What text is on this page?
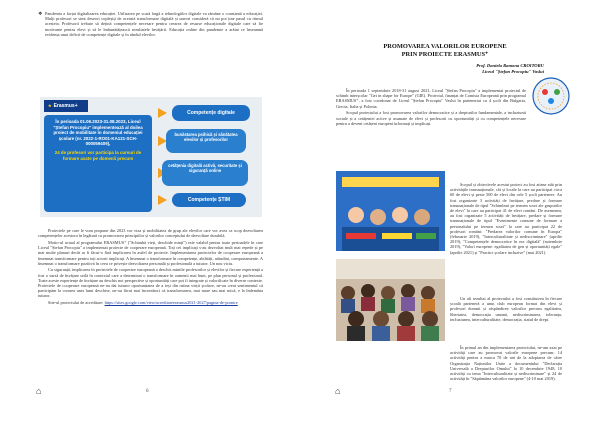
❖ Pandemia a forțat digitalizarea educației. Utilizarea pe scară largă a tehnologiilor digitale va rămâne o constantă a educației. Mulți profesori se simt deseori copleșiți de această transformare digitală și uneori consideră că nu pot ține pasul cu ritmul acesteia. Profesorii trebuie să dețină competențele necesare pentru crearea de resurse educaționale digitale care să fie motivante pentru elevi și să le îmbunătățească rezultatele învățării. Educația online din pandemie a arătat ce înseamnă evidența unui deficit de competențe digitale și în rândul elevilor.
★ Erasmus+
În perioada 01.06.2023-31.08.2023, Liceul "Ștefan Procopiu" implementează al doilea proiect de mobilitate în domeniul educației școlare (nr. 2022-1-RO01-KA121-SCH-000059409),
24 de profesori vor participa la cursuri de formare axate pe domenii precum
Competențe digitale
bunăstarea psihică și sănătatea elevilor și profesorilor
cetățenia digitală activă, securitate și siguranță online
Competențe ȘTIM

Proiectele pe care le vom propune din 2023 vor viza și mobilitatea de grup ale elevilor care vor avea ca scop dezvoltarea competențelor acestora în legătură cu promovarea principiilor și valorilor conceptului de dezvoltare durabilă.

Motto-ul actual al programului ERASMUS⁺ ("Schimbă vieți, deschide minți") este valabil pentru toate perioadele în care Liceul "Ștefan Procopiu" a implementat proiecte de cooperare europeană. Toți cei implicați s-au dezvoltat mult mai repede și pe mai multe planuri decât ar fi făcut-o fără implicarea în astfel de proiecte. Implementarea proiectelor de cooperare europeană a însemnat transformare pentru toți actorii implicați. A însemnat o transformare în competențe, abilități, atitudini, comportamente. A însemnat o transformare pozitivă în ceea ce privește dezvoltarea personală și profesională a tuturor. Un nou viciu.

Cu siguranță, implicarea în proiectele de cooperare europeană a deschis mintile profesorilor și elevilor și fiecare experiență a fost o sursă de învățare utilă în contextul care a determinat o transformare în oamenii mai buni, pe plan personal și profesional. Toate aceste experiențe de învățare au deschis noi perspective și oportunități care pot fi integrate și valorificate în diverse contexte. Proiectele de cooperare europeană ne-au dat tuturor oportunitatea de a ieși din rutina vieții școlare, ne-au creat sentimentul că participăm la crearea unei lumi deschise, ne-au făcut mai încrezători că transformarea, mai mare sau mai mică, e la îndemâna tuturor.

Site-ul proiectului de acreditare: https://sites.google.com/view/acreditareerasmus2021-2027/pagina-de-pornire

⌂	6
PROMOVAREA VALORILOR EUROPENE
PRIN PROIECTE ERASMUS⁺
Prof. Daniela Ramona CROITORU
Liceul "Ștefan Procopiu" Vaslui

În perioada 1 septembrie 2018-31 august 2021, Liceul "Ștefan Procopiu" a implementat proiectul de schimb interșcolar "Get in shape for Europe" (GIE). Proiectul, finanțat de Comisia Europeană prin programul ERASMUS⁺, a fost coordonat de Liceul "Ștefan Procopiu" Vaslui în parteneriat cu 4 școli din Bulgaria, Grecia, Italia și Polonia.

Scopul proiectului a fost promovarea valorilor democratice și a drepturilor fundamentale, a incluziunii sociale și a cetățeniei active și asumate de elevi și profesorii cu oportunități și cu competențele necesare pentru a deveni cetățeni europeni informați și implicați.

Scopul și obiectivele acestui proiect au fost atinse atât prin activitățile transnaționale, cât și locale la care au participat circa 60 de elevi și peste 500 de elevi din cele 5 școli partenere. Au fost organizate 3 activități de învățare, predare și formare transnaționale de tipul "Schimburi pe termen scurt ale grupurilor de elevi" la care au participat 41 de elevi români. De asemenea, au fost organizate 5 activități de învățare, predare și formare transnaționale de tipul "Evenimente comune de formare a personalului pe termen scurt" la care au participat 22 de profesori români: "Predarea valorilor comune în Europa" (februarie 2019), "Interculturalitate și nediscriminare" (aprilie 2019), "Competențele democratice în era digitală" (noiembrie 2019), "Valori europene: egalitatea de gen și oportunități egale" (aprilie 2021) și "Practici școlare incluzive" (mai 2021).

Un alt rezultat al proiectului a fost constituirea în fiecare școală parteneră a unui club european format din elevi și profesori domnii și răspândirea valorilor precum egalitatea, libertatea, democrația umană, nediscriminarea, toleranța, incluziunea, interculturalitate, democrația, statul de drept.

În primul an din implementarea proiectului, ne-am axat pe activități care au promovat valorile europene precum: 14 activități pentru a marca 70 de ani de la adoptarea de către Organizația Națiunilor Unite a documentului "Declarația Universală a Drepturilor Omului" la 10 decembrie 1948, 10 activități cu tema "Interculturalitate și nediscriminare" și 24 de activități în "Săptămâna valorilor europene" (4-10 mai 2019).

⌂	7
